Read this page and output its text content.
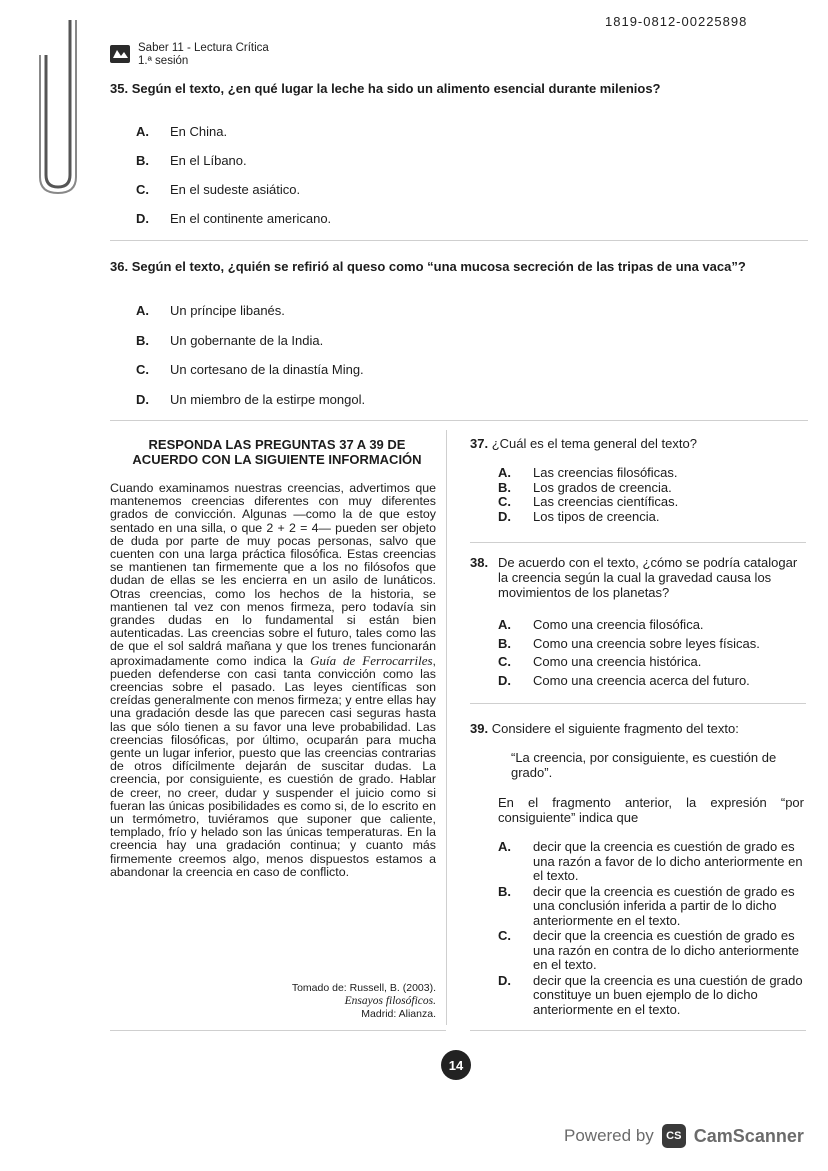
1819-0812-00225898
Saber 11 - Lectura Crítica
1.ª sesión
35. Según el texto, ¿en qué lugar la leche ha sido un alimento esencial durante milenios?
A.	En China.
B.	En el Líbano.
C.	En el sudeste asiático.
D.	En el continente americano.
36. Según el texto, ¿quién se refirió al queso como “una mucosa secreción de las tripas de una vaca”?
A.	Un príncipe libanés.
B.	Un gobernante de la India.
C.	Un cortesano de la dinastía Ming.
D.	Un miembro de la estirpe mongol.
RESPONDA LAS PREGUNTAS 37 A 39 DE
ACUERDO CON LA SIGUIENTE INFORMACIÓN
Cuando examinamos nuestras creencias, advertimos que mantenemos creencias diferentes con muy diferentes grados de convicción. Algunas —como la de que estoy sentado en una silla, o que 2 + 2 = 4— pueden ser objeto de duda por parte de muy pocas personas, salvo que cuenten con una larga práctica filosófica. Estas creencias se mantienen tan firmemente que a los no filósofos que dudan de ellas se les encierra en un asilo de lunáticos. Otras creencias, como los hechos de la historia, se mantienen tal vez con menos firmeza, pero todavía sin grandes dudas en lo fundamental si están bien autenticadas. Las creencias sobre el futuro, tales como las de que el sol saldrá mañana y que los trenes funcionarán aproximadamente como indica la Guía de Ferrocarriles, pueden defenderse con casi tanta convicción como las creencias sobre el pasado. Las leyes científicas son creídas generalmente con menos firmeza; y entre ellas hay una gradación desde las que parecen casi seguras hasta las que sólo tienen a su favor una leve probabilidad. Las creencias filosóficas, por último, ocuparán para mucha gente un lugar inferior, puesto que las creencias contrarias de otros difícilmente dejarán de suscitar dudas. La creencia, por consiguiente, es cuestión de grado. Hablar de creer, no creer, dudar y suspender el juicio como si fueran las únicas posibilidades es como si, de lo escrito en un termómetro, tuviéramos que suponer que caliente, templado, frío y helado son las únicas temperaturas. En la creencia hay una gradación continua; y cuanto más firmemente creemos algo, menos dispuestos estamos a abandonar la creencia en caso de conflicto.
Tomado de: Russell, B. (2003).
Ensayos filosóficos.
Madrid: Alianza.
37. ¿Cuál es el tema general del texto?
A.	Las creencias filosóficas.
B.	Los grados de creencia.
C.	Las creencias científicas.
D.	Los tipos de creencia.
38. De acuerdo con el texto, ¿cómo se podría catalogar la creencia según la cual la gravedad causa los movimientos de los planetas?
A.	Como una creencia filosófica.
B.	Como una creencia sobre leyes físicas.
C.	Como una creencia histórica.
D.	Como una creencia acerca del futuro.
39. Considere el siguiente fragmento del texto:
“La creencia, por consiguiente, es cuestión de grado”.
En el fragmento anterior, la expresión “por consiguiente” indica que
A.	decir que la creencia es cuestión de grado es una razón a favor de lo dicho anteriormente en el texto.
B.	decir que la creencia es cuestión de grado es una conclusión inferida a partir de lo dicho anteriormente en el texto.
C.	decir que la creencia es cuestión de grado es una razón en contra de lo dicho anteriormente en el texto.
D.	decir que la creencia es una cuestión de grado constituye un buen ejemplo de lo dicho anteriormente en el texto.
14
Powered by	CS CamScanner
